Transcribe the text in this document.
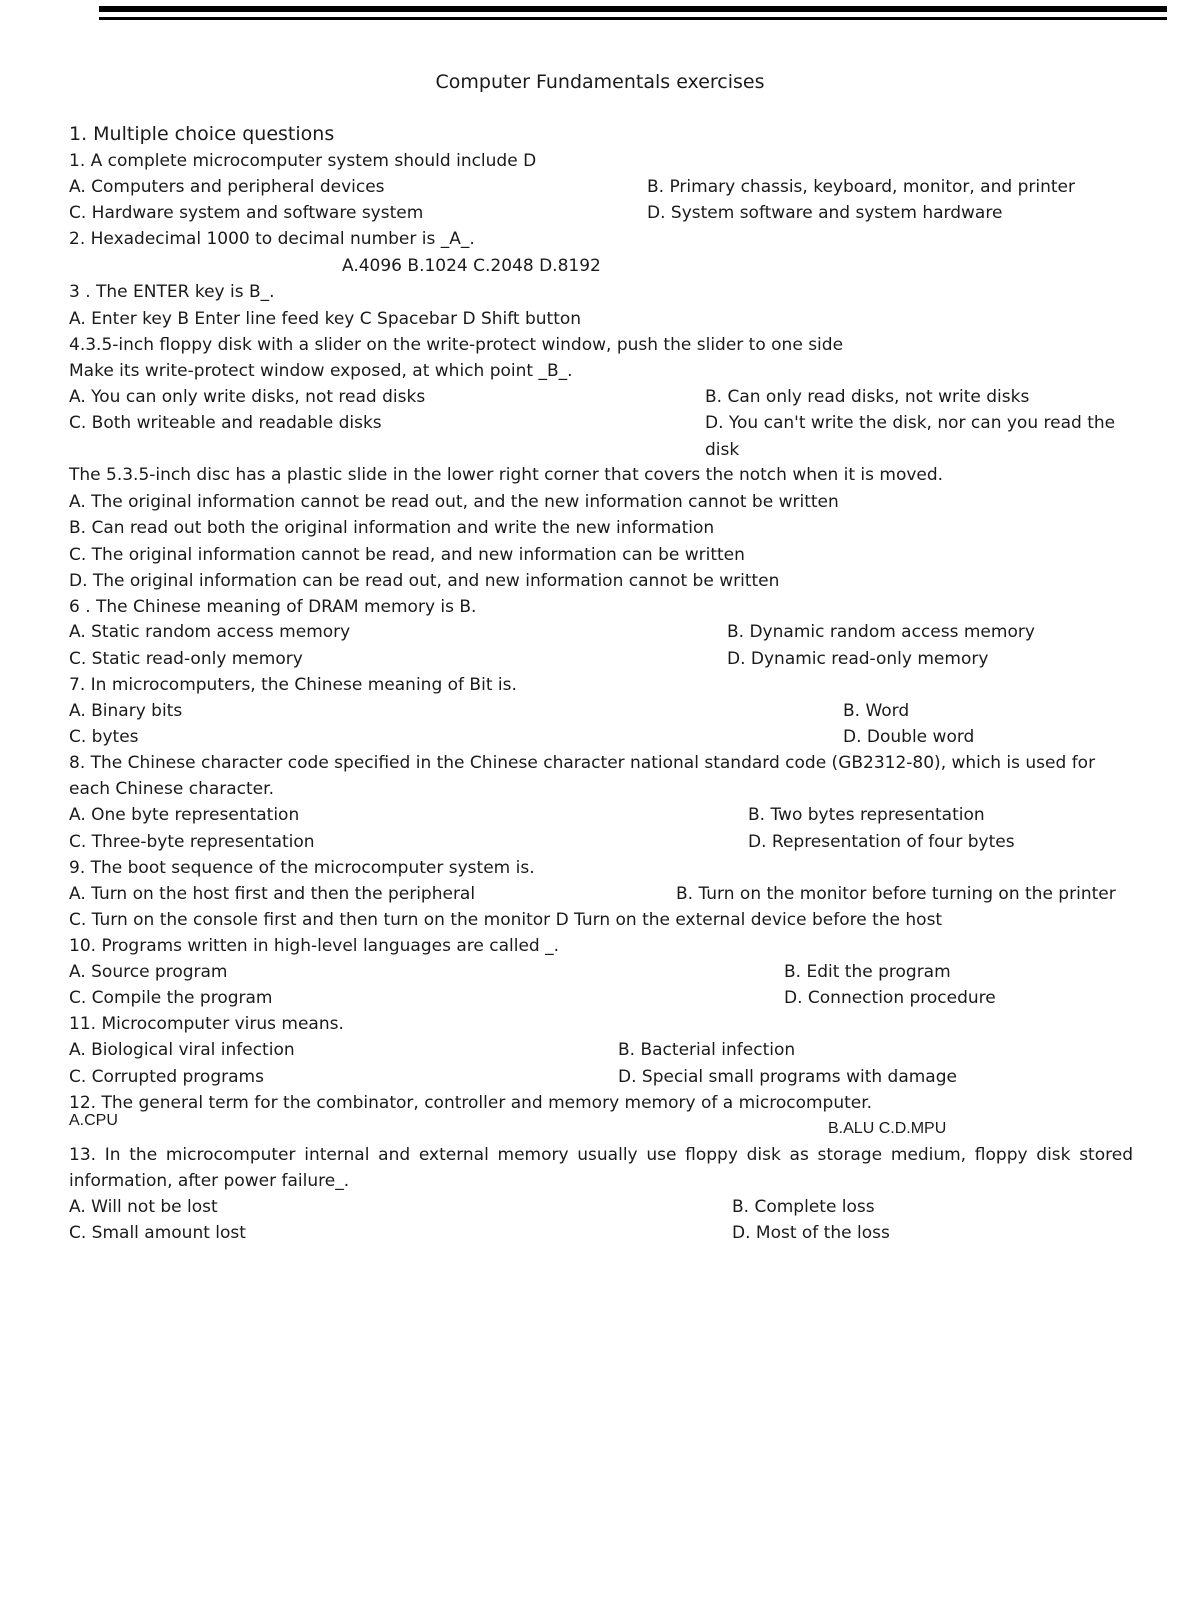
Computer Fundamentals exercises
1. Multiple choice questions
1. A complete microcomputer system should include D
A. Computers and peripheral devices	B. Primary chassis, keyboard, monitor, and printer
C. Hardware system and software system	D. System software and system hardware
2. Hexadecimal 1000 to decimal number is _A_.
A.4096 B.1024 C.2048 D.8192
3 . The ENTER key is B_.
A. Enter key B Enter line feed key C Spacebar D Shift button
4.3.5-inch floppy disk with a slider on the write-protect window, push the slider to one side
Make its write-protect window exposed, at which point _B_.
A. You can only write disks, not read disks	B. Can only read disks, not write disks
C. Both writeable and readable disks	D. You can't write the disk, nor can you read the
disk
The 5.3.5-inch disc has a plastic slide in the lower right corner that covers the notch when it is moved.
A. The original information cannot be read out, and the new information cannot be written
B. Can read out both the original information and write the new information
C. The original information cannot be read, and new information can be written
D. The original information can be read out, and new information cannot be written
6 . The Chinese meaning of DRAM memory is B.
A. Static random access memory	B. Dynamic random access memory
C. Static read-only memory	D. Dynamic read-only memory
7. In microcomputers, the Chinese meaning of Bit is.
A. Binary bits	B. Word
C. bytes	D. Double word
8. The Chinese character code specified in the Chinese character national standard code (GB2312-80), which is used for
each Chinese character.
A. One byte representation	B. Two bytes representation
C. Three-byte representation	D. Representation of four bytes
9. The boot sequence of the microcomputer system is.
A. Turn on the host first and then the peripheral	B. Turn on the monitor before turning on the printer
C. Turn on the console first and then turn on the monitor D Turn on the external device before the host
10. Programs written in high-level languages are called _.
A. Source program	B. Edit the program
C. Compile the program	D. Connection procedure
11. Microcomputer virus means.
A. Biological viral infection	B. Bacterial infection
C. Corrupted programs	D. Special small programs with damage
12. The general term for the combinator, controller and memory memory of a microcomputer.
A.CPU	B.ALU C.D.MPU
13. In the microcomputer internal and external memory usually use floppy disk as storage medium, floppy disk stored
information, after power failure_.
A. Will not be lost	B. Complete loss
C. Small amount lost	D. Most of the loss
